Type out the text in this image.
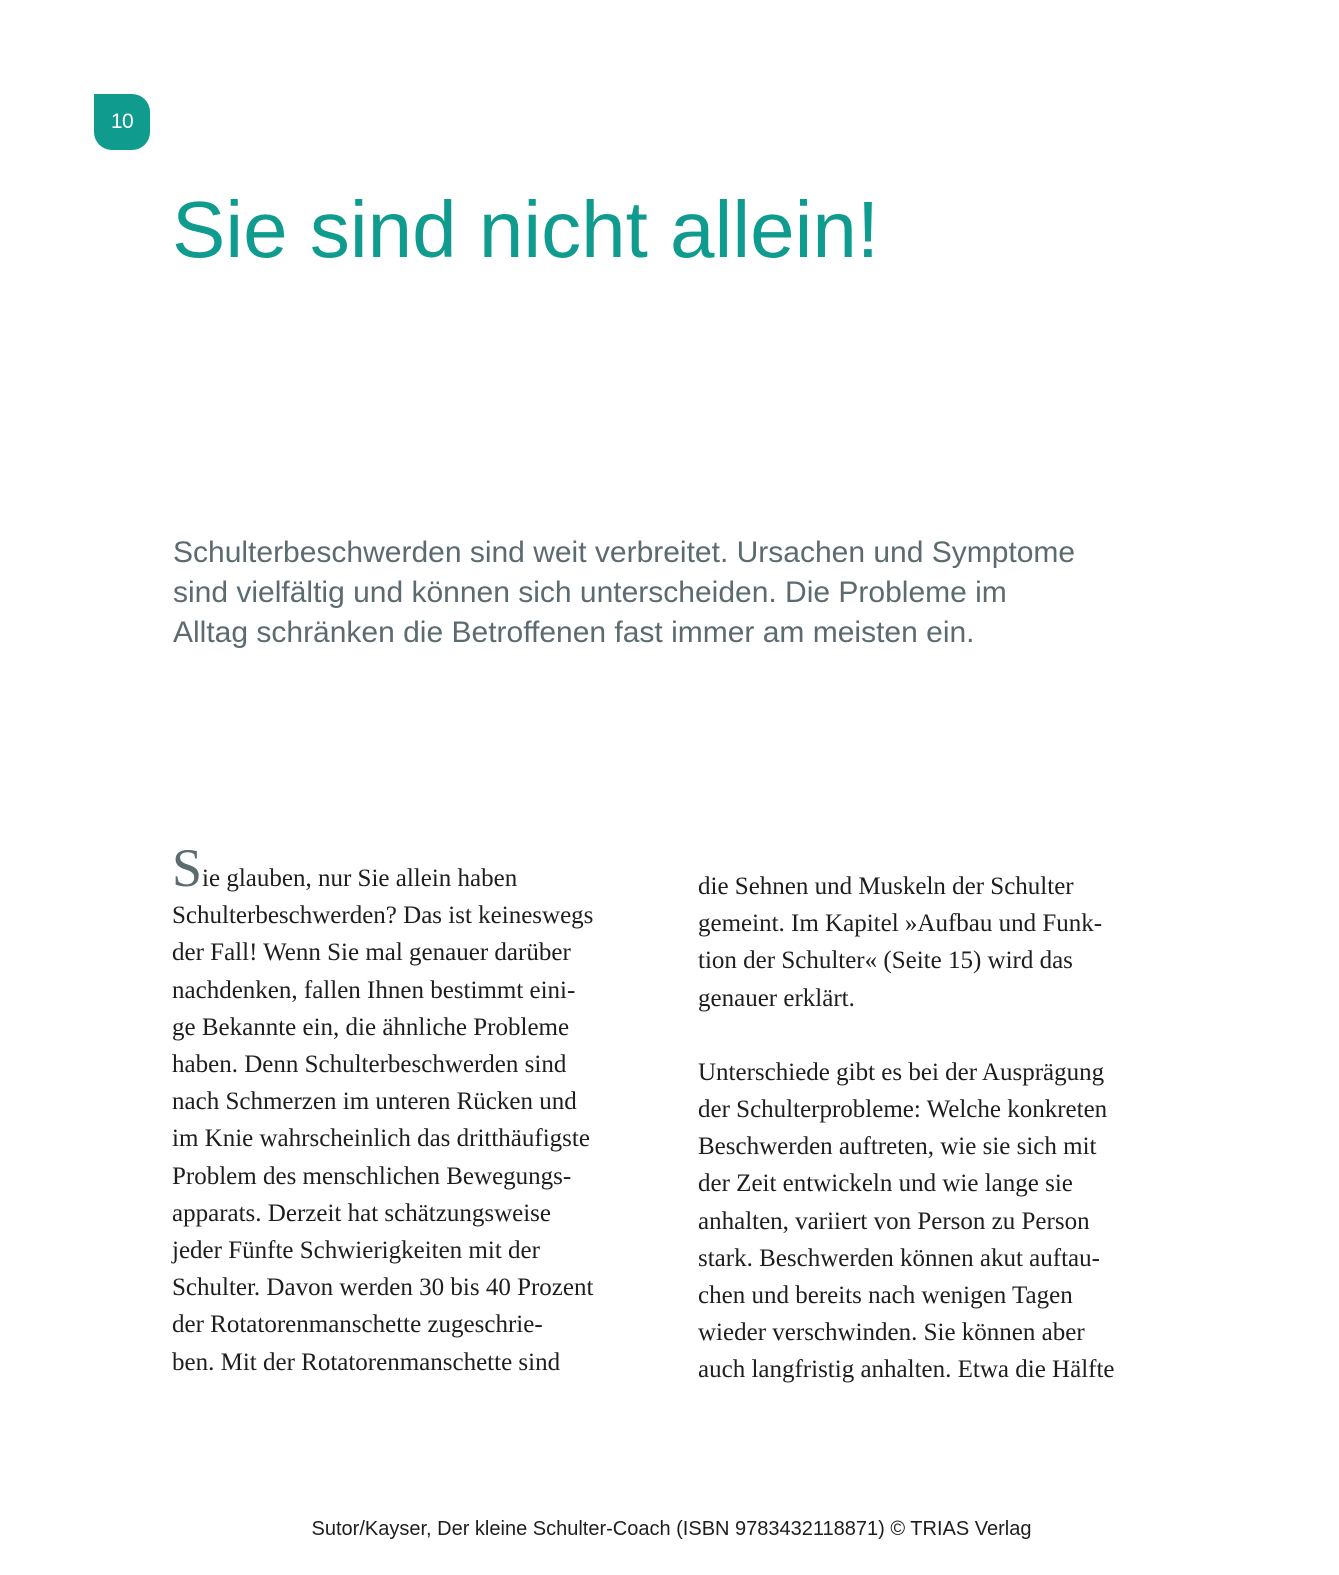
10
Sie sind nicht allein!

Schulterbeschwerden sind weit verbreitet. Ursachen und Symptome
sind vielfältig und können sich unterscheiden. Die Probleme im
Alltag schränken die Betroffenen fast immer am meisten ein.

Sie glauben, nur Sie allein haben
Schulterbeschwerden? Das ist keineswegs
der Fall! Wenn Sie mal genauer darüber
nachdenken, fallen Ihnen bestimmt eini-
ge Bekannte ein, die ähnliche Probleme
haben. Denn Schulterbeschwerden sind
nach Schmerzen im unteren Rücken und
im Knie wahrscheinlich das dritthäufigste
Problem des menschlichen Bewegungs-
apparats. Derzeit hat schätzungsweise
jeder Fünfte Schwierigkeiten mit der
Schulter. Davon werden 30 bis 40 Prozent
der Rotatorenmanschette zugeschrie-
ben. Mit der Rotatorenmanschette sind
die Sehnen und Muskeln der Schulter
gemeint. Im Kapitel »Aufbau und Funk-
tion der Schulter« (Seite 15) wird das
genauer erklärt.
Unterschiede gibt es bei der Ausprägung
der Schulterprobleme: Welche konkreten
Beschwerden auftreten, wie sie sich mit
der Zeit entwickeln und wie lange sie
anhalten, variiert von Person zu Person
stark. Beschwerden können akut auftau-
chen und bereits nach wenigen Tagen
wieder verschwinden. Sie können aber
auch langfristig anhalten. Etwa die Hälfte
Sutor/Kayser, Der kleine Schulter-Coach (ISBN 9783432118871) © TRIAS Verlag
